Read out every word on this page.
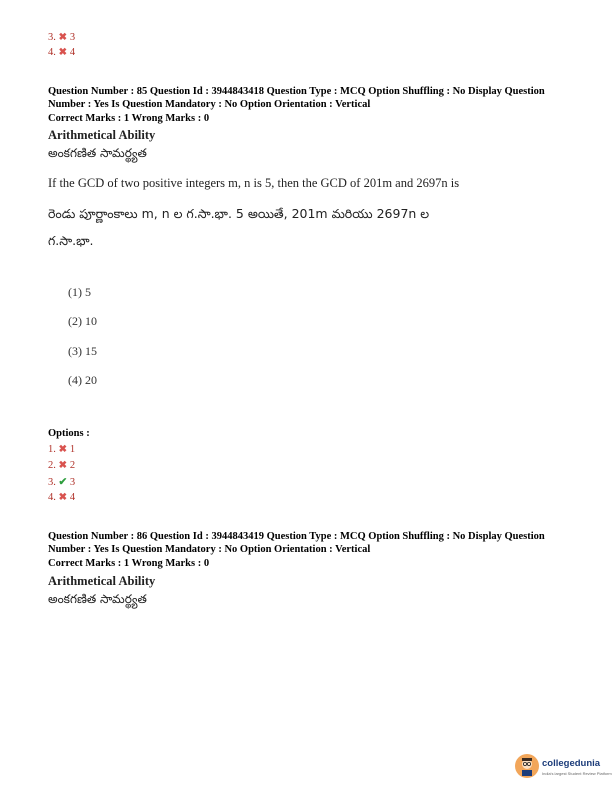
3. ✖ 3
4. ✖ 4
Question Number : 85 Question Id : 3944843418 Question Type : MCQ Option Shuffling : No Display Question
Number : Yes Is Question Mandatory : No Option Orientation : Vertical
Correct Marks : 1 Wrong Marks : 0
Arithmetical Ability
అంకగణిత సామర్థ్యత
If the GCD of two positive integers m, n is 5, then the GCD of 201m and 2697n is
రెండు పూర్ణాంకాలు m, n ల గ.సా.భా. 5 అయితే, 201m మరియు 2697n ల
గ.సా.భా.
(1) 5
(2) 10
(3) 15
(4) 20
Options :
1. ✖ 1
2. ✖ 2
3. ✔ 3
4. ✖ 4
Question Number : 86 Question Id : 3944843419 Question Type : MCQ Option Shuffling : No Display Question
Number : Yes Is Question Mandatory : No Option Orientation : Vertical
Correct Marks : 1 Wrong Marks : 0
Arithmetical Ability
అంకగణిత సామర్థ్యత
collegedunia
India's largest Student Review Platform
